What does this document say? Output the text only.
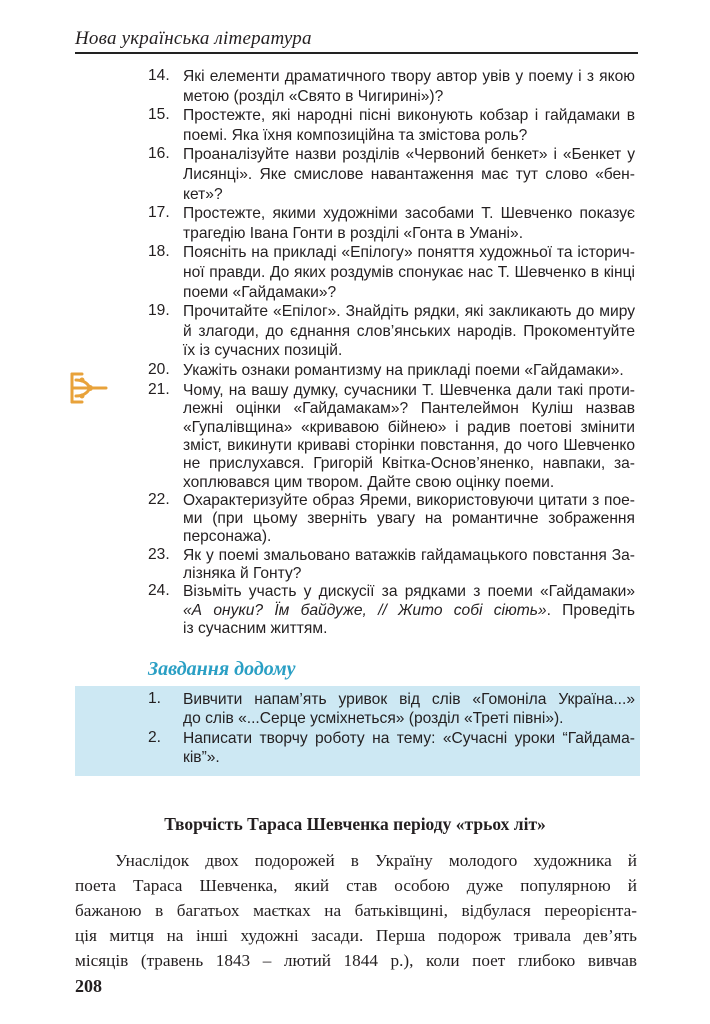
Нова українська література
14. Які елементи драматичного твору автор увів у поему і з якою
метою (розділ «Свято в Чигирині»)?
15. Простежте, які народні пісні виконують кобзар і гайдамаки в
поемі. Яка їхня композиційна та змістова роль?
16. Проаналізуйте назви розділів «Червоний бенкет» і «Бенкет у
Лисянці». Яке смислове навантаження має тут слово «бен-
кет»?
17. Простежте, якими художніми засобами Т. Шевченко показує
трагедію Івана Гонти в розділі «Гонта в Умані».
18. Поясніть на прикладі «Епілогу» поняття художньої та історич-
ної правди. До яких роздумів спонукає нас Т. Шевченко в кінці
поеми «Гайдамаки»?
19. Прочитайте «Епілог». Знайдіть рядки, які закликають до миру
й злагоди, до єднання слов’янських народів. Прокоментуйте
їх із сучасних позицій.
20. Укажіть ознаки романтизму на прикладі поеми «Гайдамаки».
21. Чому, на вашу думку, сучасники Т. Шевченка дали такі проти-
лежні оцінки «Гайдамакам»? Пантелеймон Куліш назвав
«Гупалівщина» «кривавою бійнею» і радив поетові змінити
зміст, викинути криваві сторінки повстання, до чого Шевченко
не прислухався. Григорій Квітка-Основ’яненко, навпаки, за-
хоплювався цим твором. Дайте свою оцінку поеми.
22. Охарактеризуйте образ Яреми, використовуючи цитати з пое-
ми (при цьому зверніть увагу на романтичне зображення
персонажа).
23. Як у поемі змальовано ватажків гайдамацького повстання За-
лізняка й Гонту?
24. Візьміть участь у дискусії за рядками з поеми «Гайдамаки»
«А онуки? Їм байдуже, // Жито собі сіють». Проведіть
із сучасним життям.
Завдання додому
1. Вивчити напам’ять уривок від слів «Гомоніла Україна...»
до слів «...Серце усміхнеться» (розділ «Треті півні»).
2. Написати творчу роботу на тему: «Сучасні уроки “Гайдама-
ків”».
Творчість Тараса Шевченка періоду «трьох літ»
Унаслідок двох подорожей в Україну молодого художника й
поета Тараса Шевченка, який став особою дуже популярною й
бажаною в багатьох маєтках на батьківщині, відбулася переорієнта-
ція митця на інші художні засади. Перша подорож тривала дев’ять
місяців (травень 1843 – лютий 1844 р.), коли поет глибоко вивчав
208
